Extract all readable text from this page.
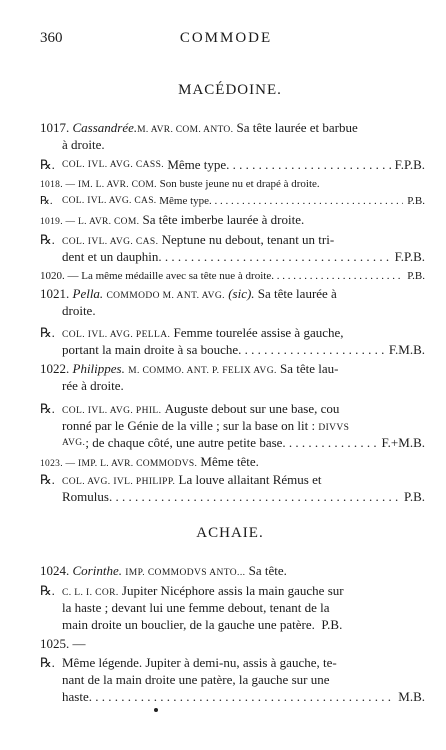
360	COMMODE
MACÉDOINE.
1017. Cassandrée.M. AVR. COM. ANTO. Sa tête laurée et barbue
à droite.
℞. COL. IVL. AVG. CASS.
Même type . . .	F.P.B.
1018. — IM. L. AVR. COM. Son buste jeune nu et drapé à droite.
℞. COL. IVL. AVG. CAS.
Même type . . .	P.B.
1019. — L. AVR. COM. Sa tête imberbe laurée à droite.
℞. COL. IVL. AVG. CAS. Neptune nu debout, tenant un tri-
dent et un dauphin . . .	F.P.B.
1020. — La même médaille avec sa tête nue à droite . . .	P.B.
1021. Pella. COMMODO M. ANT. AVG. (sic). Sa tête laurée à
droite.
℞. COL. IVL. AVG. PELLA. Femme tourelée assise à gauche,
portant la main droite à sa bouche . . .	F.M.B.
1022. Philippes. M. COMMO. ANT. P. FELIX AVG. Sa tête lau-
rée à droite.
℞. COL. IVL. AVG. PHIL. Auguste debout sur une base, cou
ronné par le Génie de la ville ; sur la base on lit : DIVVS
AVG. ; de chaque côté, une autre petite base . . .	F.+M.B.
1023. — IMP. L. AVR. COMMODVS. Même tête.
℞. COL. AVG. IVL. PHILIPP. La louve allaitant Rémus et
Romulus . . .	P.B.
ACHAIE.
1024. Corinthe. IMP. COMMODVS ANTO... Sa tête.
℞. C. L. I. COR. Jupiter Nicéphore assis la main gauche sur
la haste ; devant lui une femme debout, tenant de la
main droite un bouclier, de la gauche une patère. P.B.
1025. —
℞. Même légende. Jupiter à demi-nu, assis à gauche, te-
nant de la main droite une patère, la gauche sur une
haste . . .	M.B.
